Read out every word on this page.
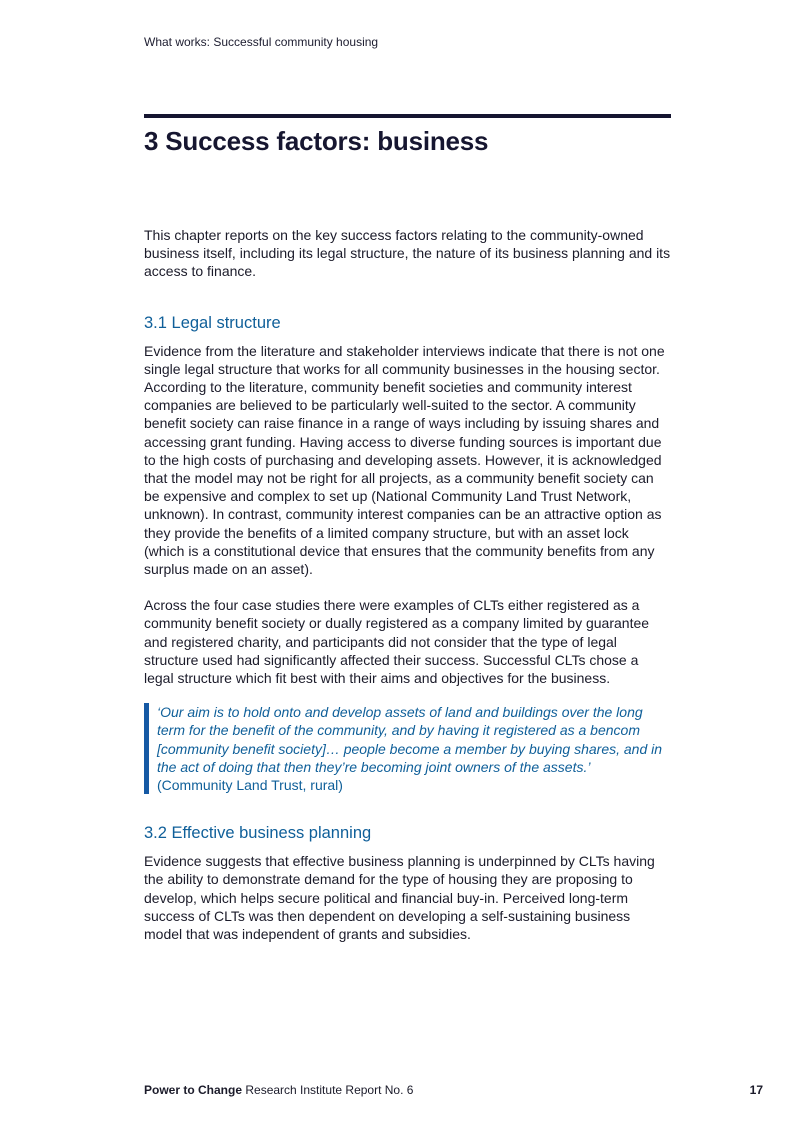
What works: Successful community housing
3 Success factors: business

This chapter reports on the key success factors relating to the community-owned business itself, including its legal structure, the nature of its business planning and its access to finance.

3.1 Legal structure

Evidence from the literature and stakeholder interviews indicate that there is not one single legal structure that works for all community businesses in the housing sector. According to the literature, community benefit societies and community interest companies are believed to be particularly well-suited to the sector. A community benefit society can raise finance in a range of ways including by issuing shares and accessing grant funding. Having access to diverse funding sources is important due to the high costs of purchasing and developing assets. However, it is acknowledged that the model may not be right for all projects, as a community benefit society can be expensive and complex to set up (National Community Land Trust Network, unknown). In contrast, community interest companies can be an attractive option as they provide the benefits of a limited company structure, but with an asset lock (which is a constitutional device that ensures that the community benefits from any surplus made on an asset).

Across the four case studies there were examples of CLTs either registered as a community benefit society or dually registered as a company limited by guarantee and registered charity, and participants did not consider that the type of legal structure used had significantly affected their success. Successful CLTs chose a legal structure which fit best with their aims and objectives for the business.

‘Our aim is to hold onto and develop assets of land and buildings over the long term for the benefit of the community, and by having it registered as a bencom [community benefit society]… people become a member by buying shares, and in the act of doing that then they’re becoming joint owners of the assets.’
(Community Land Trust, rural)
3.2 Effective business planning

Evidence suggests that effective business planning is underpinned by CLTs having the ability to demonstrate demand for the type of housing they are proposing to develop, which helps secure political and financial buy-in. Perceived long-term success of CLTs was then dependent on developing a self-sustaining business model that was independent of grants and subsidies.

Power to Change Research Institute Report No. 6	17
